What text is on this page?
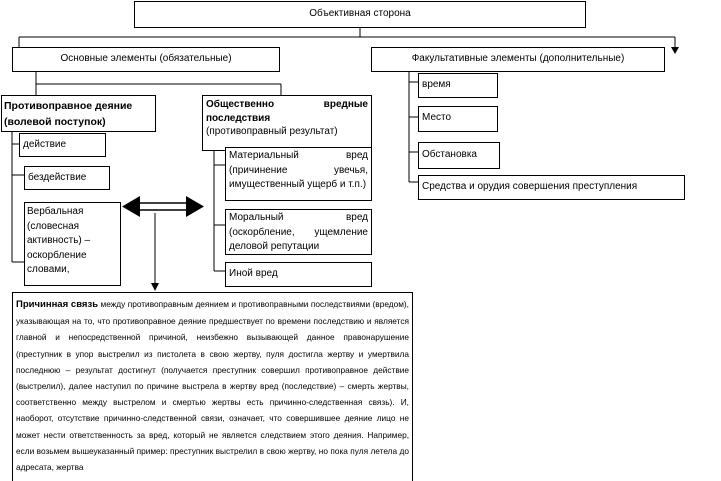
Объективная сторона
Основные элементы (обязательные)	Факультативные элементы (дополнительные)
Противоправное деяние (волевой поступок)
Общественно вредные последствия
(противоправный результат)
действие
бездействие
Вербальная (словесная активность) – оскорбление словами,
Материальный вред (причинение увечья, имущественный ущерб и т.п.)
Моральный вред (оскорбление, ущемление деловой репутации
Иной вред
время
Место
Обстановка
Средства и орудия совершения преступления
Причинная связь между противоправным деянием и противоправными последствиями (вредом), указывающая на то, что противоправное деяние предшествует по времени последствию и является главной и непосредственной причиной, неизбежно вызывающей данное правонарушение (преступник в упор выстрелил из пистолета в свою жертву, пуля достигла жертву и умертвила последнюю – результат достигнут (получается преступник совершил противоправное действие (выстрелил), далее наступил по причине выстрела в жертву вред (последствие) – смерть жертвы, соответственно между выстрелом и смертью жертвы есть причинно-следственная связь). И, наоборот, отсутствие причинно-следственной связи, означает, что совершившее деяние лицо не может нести ответственность за вред, который не является следствием этого деяния. Например, если возьмем вышеуказанный пример: преступник выстрелил в свою жертву, но пока пуля летела до адресата, жертва
